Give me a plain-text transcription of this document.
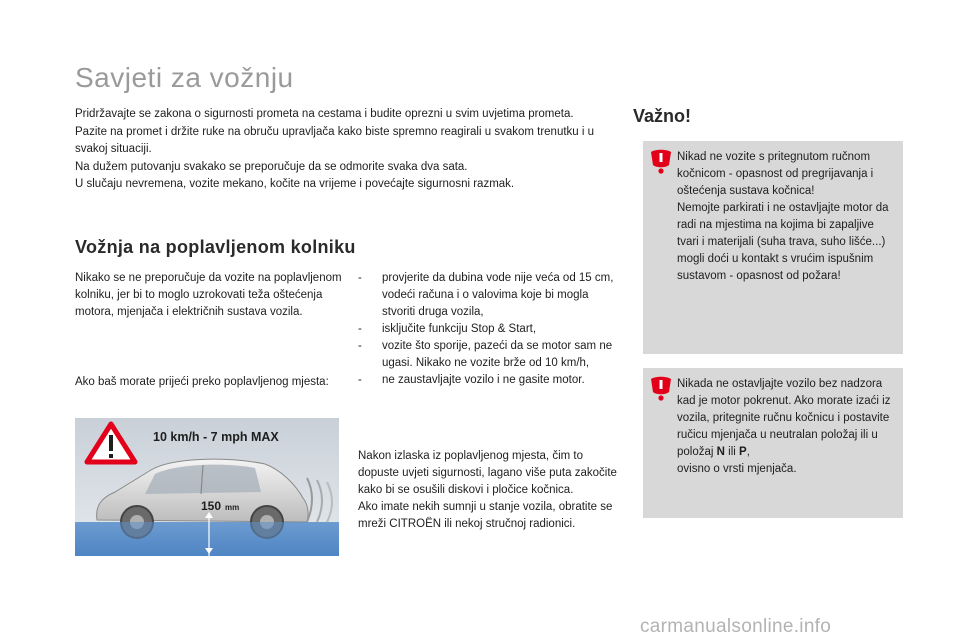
Savjeti za vožnju

Pridržavajte se zakona o sigurnosti prometa na cestama i budite oprezni u svim uvjetima prometa.

Pazite na promet i držite ruke na obruču upravljača kako biste spremno reagirali u svakom trenutku i u svakoj situaciji.

Na dužem putovanju svakako se preporučuje da se odmorite svaka dva sata.

U slučaju nevremena, vozite mekano, kočite na vrijeme i povećajte sigurnosni razmak.

Vožnja na poplavljenom kolniku

Nikako se ne preporučuje da vozite na poplavljenom kolniku, jer bi to moglo uzrokovati teža oštećenja motora, mjenjača i električnih sustava vozila.

Ako baš morate prijeći preko poplavljenog mjesta:

- provjerite da dubina vode nije veća od 15 cm, vodeći računa i o valovima koje bi mogla stvoriti druga vozila,
- isključite funkciju Stop & Start,
- vozite što sporije, pazeći da se motor sam ne ugasi. Nikako ne vozite brže od 10 km/h,
- ne zaustavljajte vozilo i ne gasite motor.

Nakon izlaska iz poplavljenog mjesta, čim to dopuste uvjeti sigurnosti, lagano više puta zakočite kako bi se osušili diskovi i pločice kočnica.

Ako imate nekih sumnji u stanje vozila, obratite se mreži CITROËN ili nekoj stručnoj radionici.

10 km/h - 7 mph MAX
150 mm
Važno!

Nikad ne vozite s pritegnutom ručnom kočnicom - opasnost od pregrijavanja i oštećenja sustava kočnica!
Nemojte parkirati i ne ostavljajte motor da radi na mjestima na kojima bi zapaljive tvari i materijali (suha trava, suho lišće...) mogli doći u kontakt s vrućim ispušnim sustavom - opasnost od požara!

Nikada ne ostavljajte vozilo bez nadzora kad je motor pokrenut. Ako morate izaći iz vozila, pritegnite ručnu kočnicu i postavite ručicu mjenjača u neutralan položaj ili u položaj N ili P,
ovisno o vrsti mjenjača.

carmanualsonline.info
